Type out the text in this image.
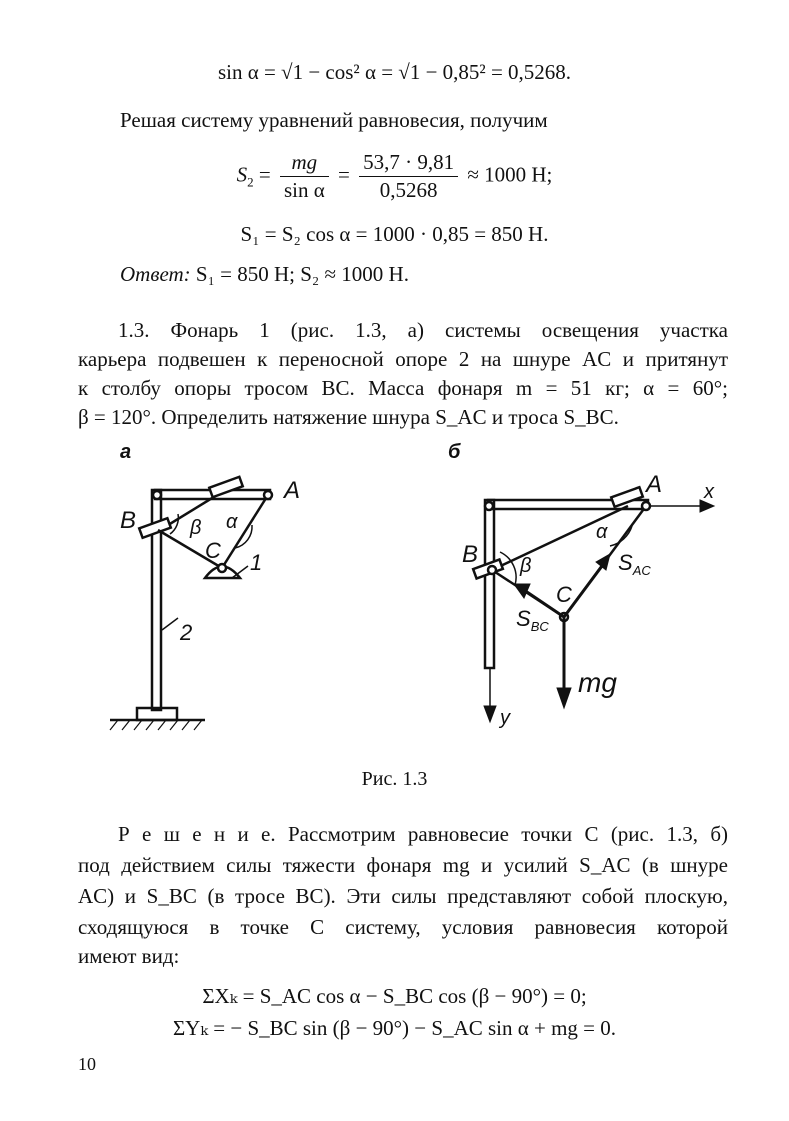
sin α = √1 − cos² α = √1 − 0,85² = 0,5268.
Решая систему уравнений равновесия, получим
$S_2 = \frac{mg}{\text{sin α}} = \frac{53,7 \cdot 9,81}{0,5268} \approx 1000$ Н;
S₁ = S₂ cos α = 1000 · 0,85 = 850 Н.
Ответ: S₁ = 850 Н; S₂ ≈ 1000 Н.
1.3. Фонарь 1 (рис. 1.3, а) системы освещения участка
карьера подвешен к переносной опоре 2 на шнуре AC и притянут
к столбу опоры тросом BC. Масса фонаря m = 51 кг; α = 60°;
β = 120°. Определить натяжение шнура S_AC и троса S_BC.
а	б
A
B
C
β α
1
2
A
B
C
β
α
x
y
$S_{AC}$
$S_{BC}$
mg
Рис. 1.3
Р е ш е н и е. Рассмотрим равновесие точки C (рис. 1.3, б)
под действием силы тяжести фонаря mg и усилий S_AC (в шнуре
AC) и S_BC (в тросе BC). Эти силы представляют собой плоскую,
сходящуюся в точке C систему, условия равновесия которой
имеют вид:
ΣXₖ = S_AC cos α − S_BC cos (β − 90°) = 0;
ΣYₖ = − S_BC sin (β − 90°) − S_AC sin α + mg = 0.
10
